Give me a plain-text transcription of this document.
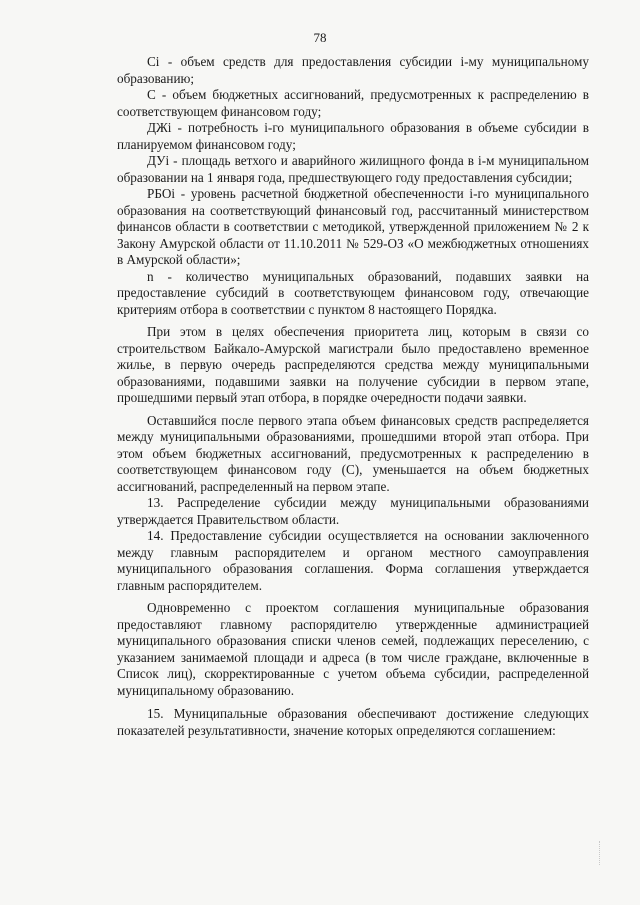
78

Ci - объем средств для предоставления субсидии i-му муниципальному образованию;

С - объем бюджетных ассигнований, предусмотренных к распределению в соответствующем финансовом году;

ДЖi - потребность i-го муниципального образования в объеме субсидии в планируемом финансовом году;

ДУi - площадь ветхого и аварийного жилищного фонда в i-м муниципальном образовании на 1 января года, предшествующего году предоставления субсидии;

РБОi - уровень расчетной бюджетной обеспеченности i-го муниципального образования на соответствующий финансовый год, рассчитанный министерством финансов области в соответствии с методикой, утвержденной приложением № 2 к Закону Амурской области от 11.10.2011 № 529-ОЗ «О межбюджетных отношениях в Амурской области»;

n - количество муниципальных образований, подавших заявки на предоставление субсидий в соответствующем финансовом году, отвечающие критериям отбора в соответствии с пунктом 8 настоящего Порядка.

При этом в целях обеспечения приоритета лиц, которым в связи со строительством Байкало-Амурской магистрали было предоставлено временное жилье, в первую очередь распределяются средства между муниципальными образованиями, подавшими заявки на получение субсидии в первом этапе, прошедшими первый этап отбора, в порядке очередности подачи заявки.

Оставшийся после первого этапа объем финансовых средств распределяется между муниципальными образованиями, прошедшими второй этап отбора. При этом объем бюджетных ассигнований, предусмотренных к распределению в соответствующем финансовом году (С), уменьшается на объем бюджетных ассигнований, распределенный на первом этапе.

13. Распределение субсидии между муниципальными образованиями утверждается Правительством области.

14. Предоставление субсидии осуществляется на основании заключенного между главным распорядителем и органом местного самоуправления муниципального образования соглашения. Форма соглашения утверждается главным распорядителем.

Одновременно с проектом соглашения муниципальные образования предоставляют главному распорядителю утвержденные администрацией муниципального образования списки членов семей, подлежащих переселению, с указанием занимаемой площади и адреса (в том числе граждане, включенные в Список лиц), скорректированные с учетом объема субсидии, распределенной муниципальному образованию.

15. Муниципальные образования обеспечивают достижение следующих показателей результативности, значение которых определяются соглашением:
